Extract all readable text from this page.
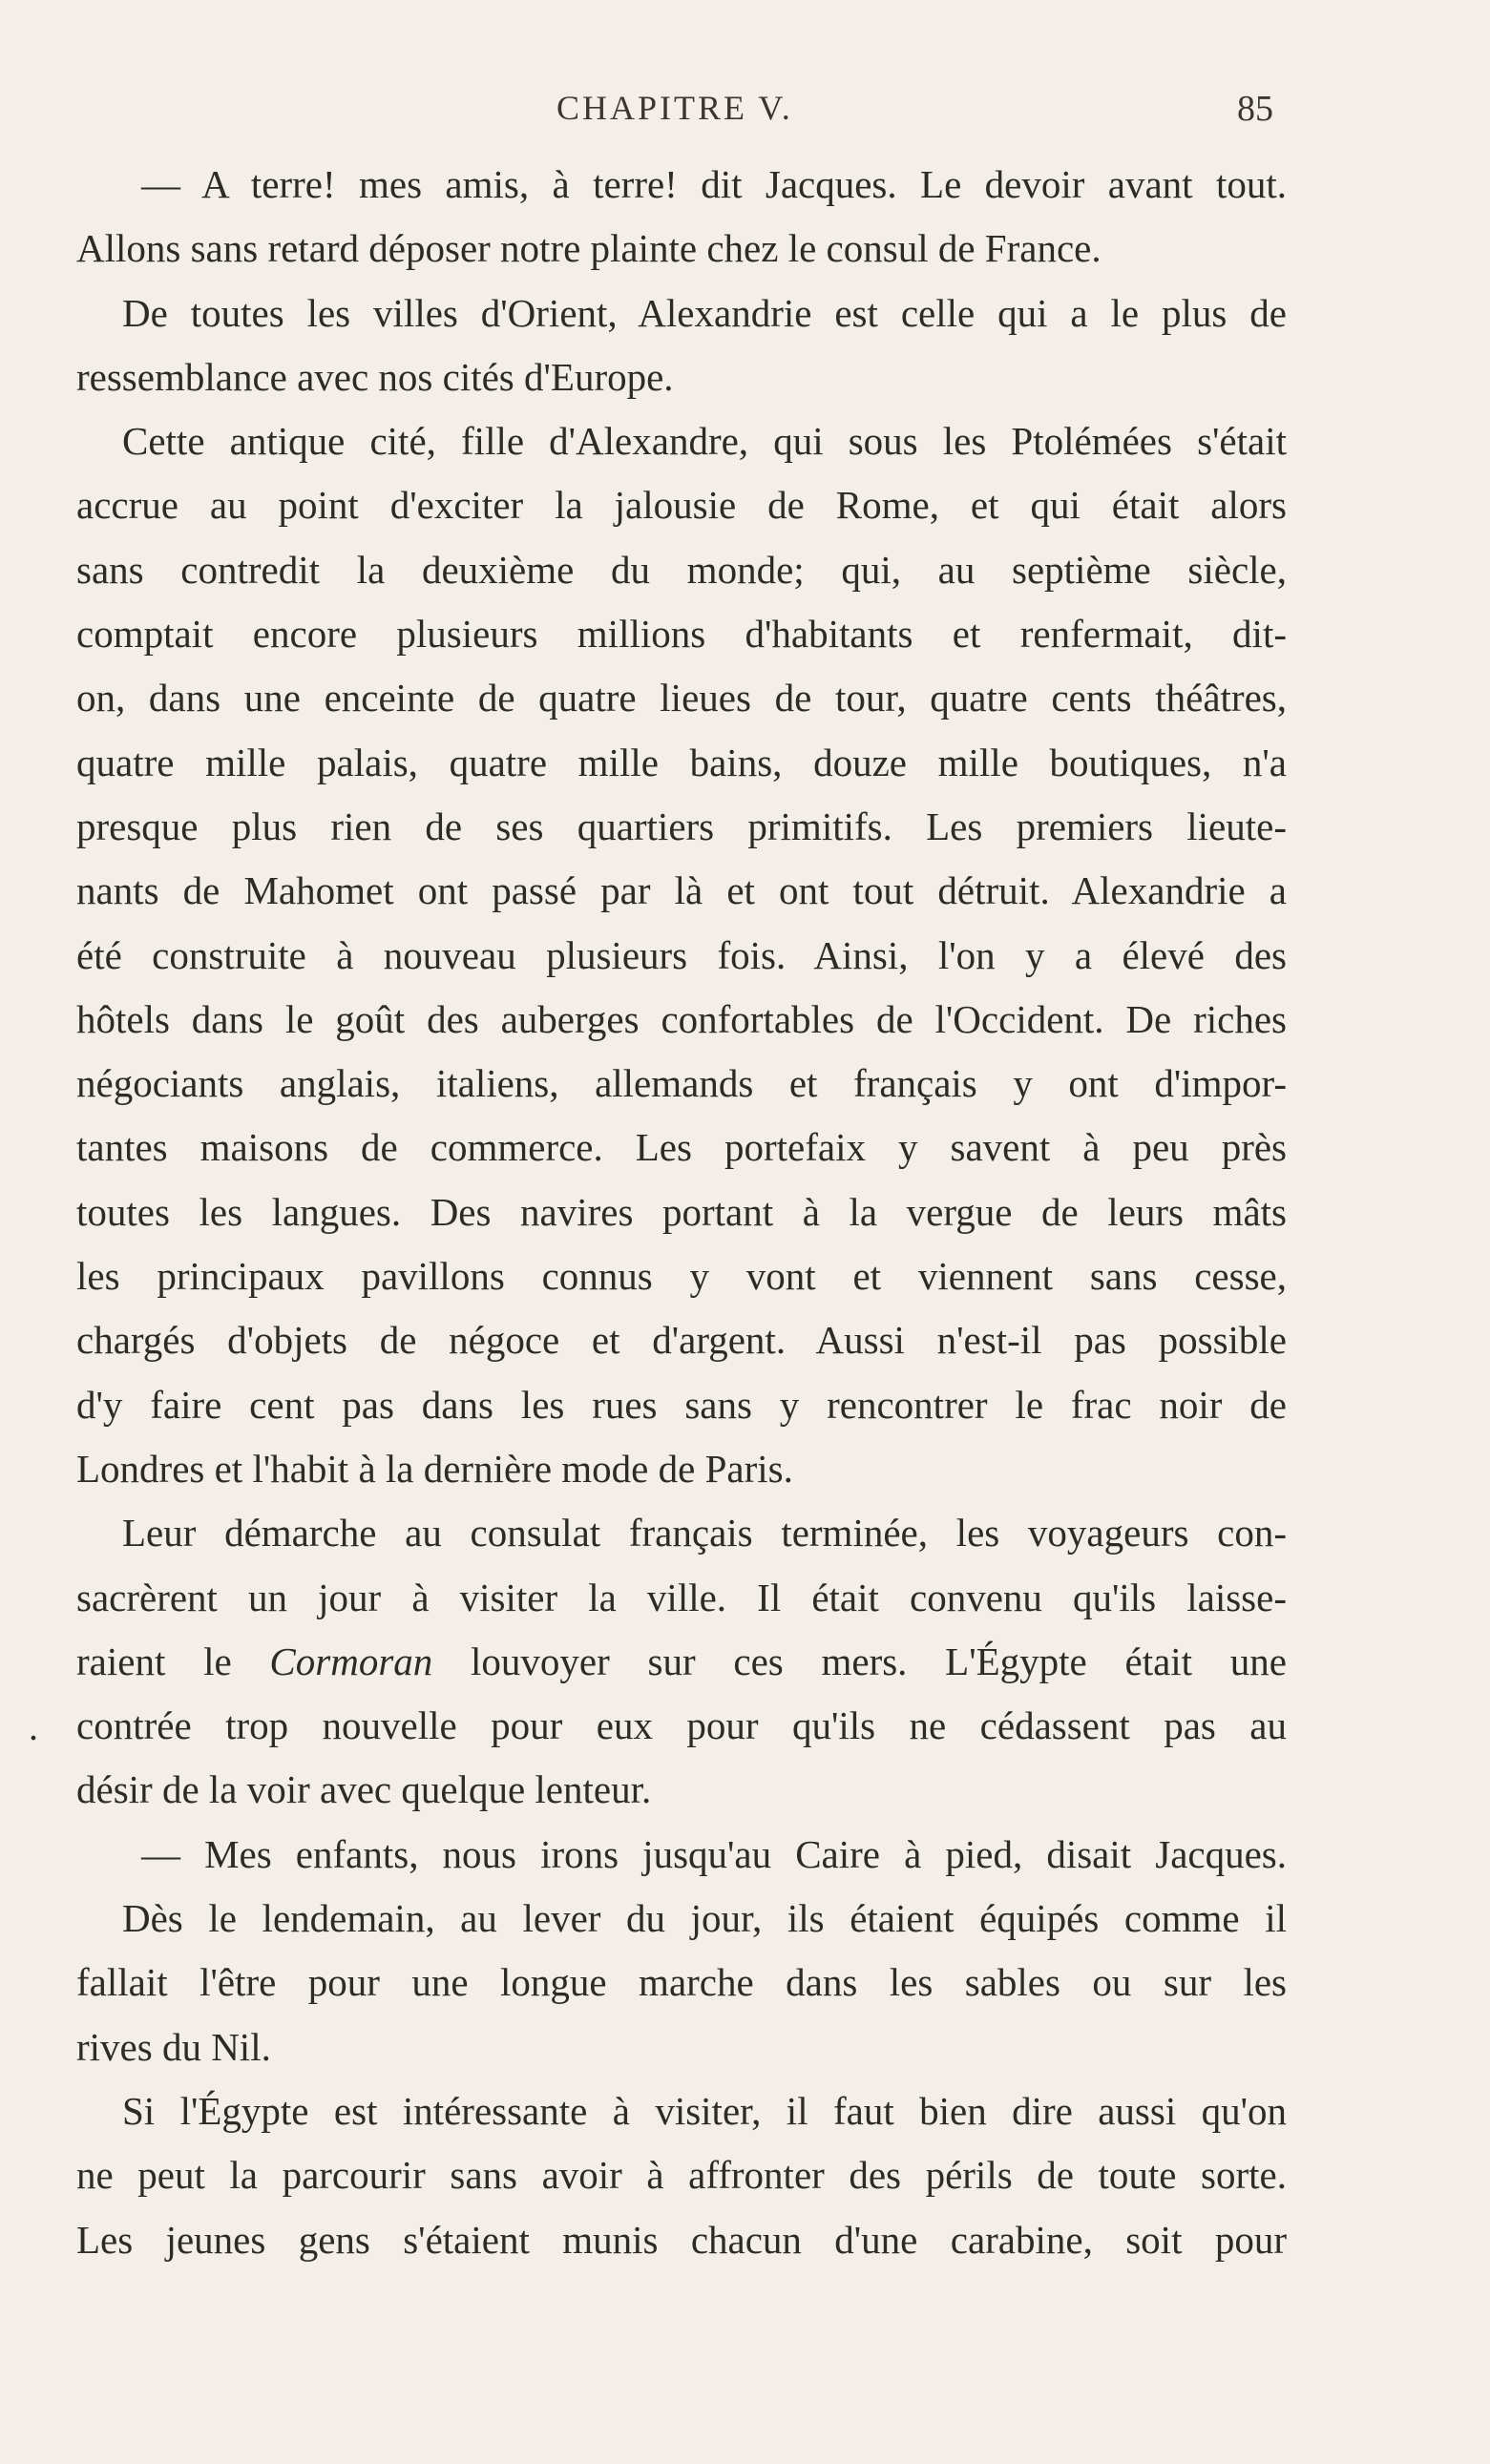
CHAPITRE V.	85
.
— A terre! mes amis, à terre! dit Jacques. Le devoir avant tout.
Allons sans retard déposer notre plainte chez le consul de France.
De toutes les villes d'Orient, Alexandrie est celle qui a le plus de
ressemblance avec nos cités d'Europe.
Cette antique cité, fille d'Alexandre, qui sous les Ptolémées s'était
accrue au point d'exciter la jalousie de Rome, et qui était alors
sans contredit la deuxième du monde; qui, au septième siècle,
comptait encore plusieurs millions d'habitants et renfermait, dit-
on, dans une enceinte de quatre lieues de tour, quatre cents théâtres,
quatre mille palais, quatre mille bains, douze mille boutiques, n'a
presque plus rien de ses quartiers primitifs. Les premiers lieute-
nants de Mahomet ont passé par là et ont tout détruit. Alexandrie a
été construite à nouveau plusieurs fois. Ainsi, l'on y a élevé des
hôtels dans le goût des auberges confortables de l'Occident. De riches
négociants anglais, italiens, allemands et français y ont d'impor-
tantes maisons de commerce. Les portefaix y savent à peu près
toutes les langues. Des navires portant à la vergue de leurs mâts
les principaux pavillons connus y vont et viennent sans cesse,
chargés d'objets de négoce et d'argent. Aussi n'est-il pas possible
d'y faire cent pas dans les rues sans y rencontrer le frac noir de
Londres et l'habit à la dernière mode de Paris.
Leur démarche au consulat français terminée, les voyageurs con-
sacrèrent un jour à visiter la ville. Il était convenu qu'ils laisse-
raient le Cormoran louvoyer sur ces mers. L'Égypte était une
contrée trop nouvelle pour eux pour qu'ils ne cédassent pas au
désir de la voir avec quelque lenteur.
— Mes enfants, nous irons jusqu'au Caire à pied, disait Jacques.
Dès le lendemain, au lever du jour, ils étaient équipés comme il
fallait l'être pour une longue marche dans les sables ou sur les
rives du Nil.
Si l'Égypte est intéressante à visiter, il faut bien dire aussi qu'on
ne peut la parcourir sans avoir à affronter des périls de toute sorte.
Les jeunes gens s'étaient munis chacun d'une carabine, soit pour
